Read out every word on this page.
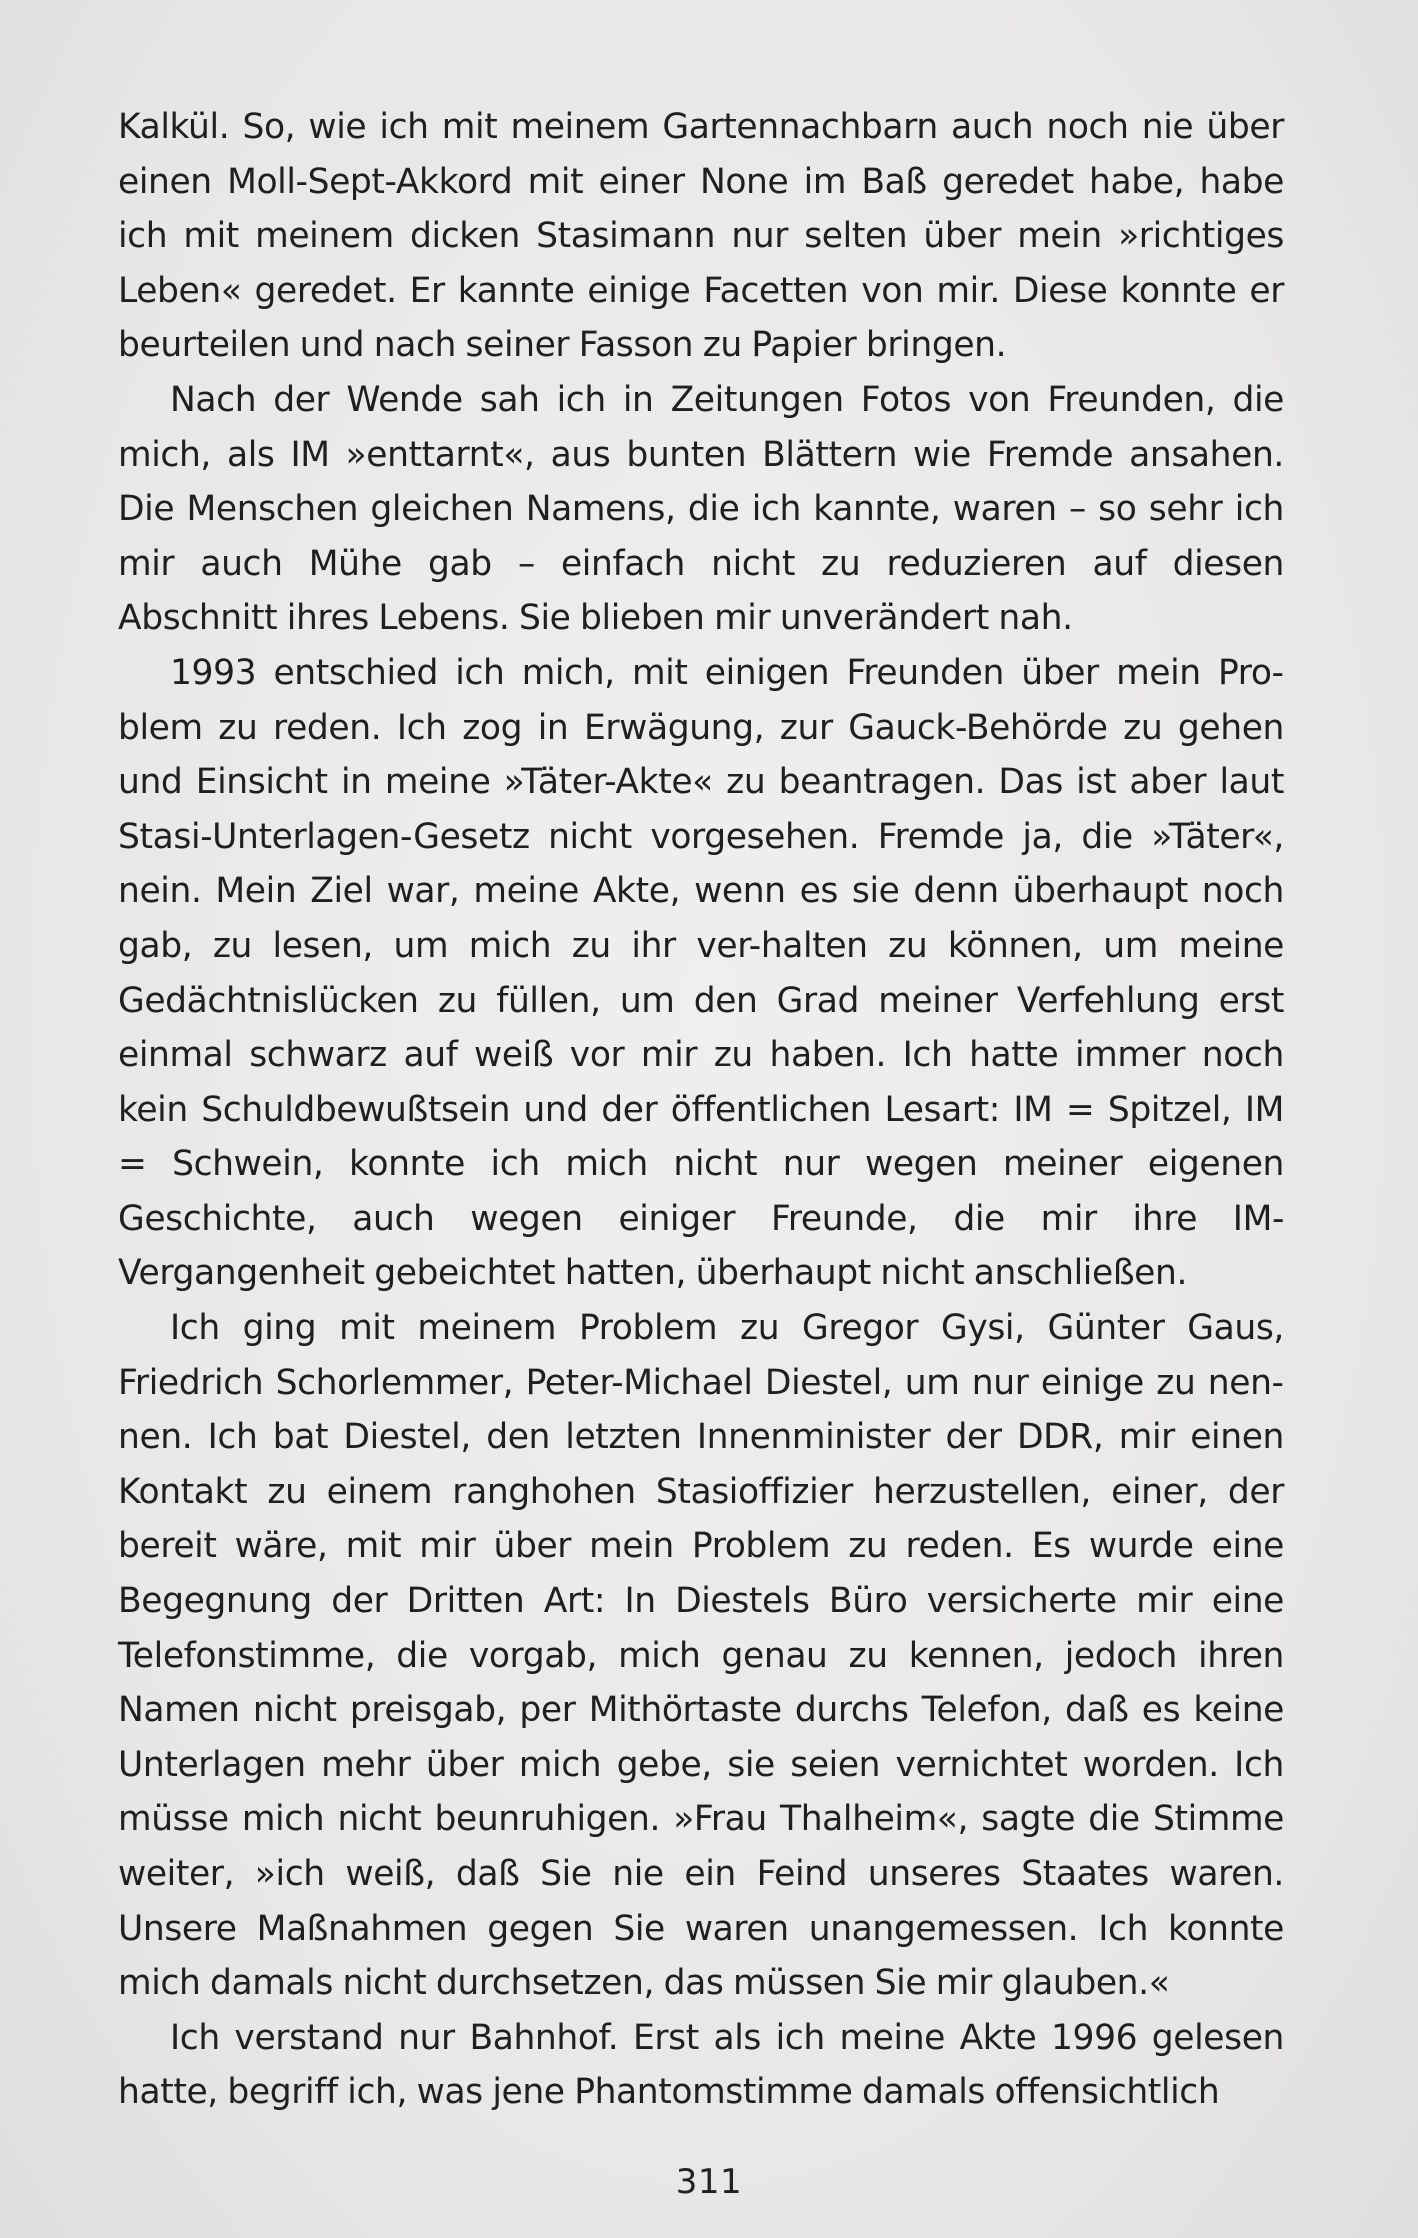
Kalkül. So, wie ich mit meinem Gartennachbarn auch noch nie über einen Moll-Sept-Akkord mit einer None im Baß geredet habe, habe ich mit meinem dicken Stasimann nur selten über mein »richtiges Leben« geredet. Er kannte einige Facetten von mir. Diese konnte er beurteilen und nach seiner Fasson zu Papier bringen.

Nach der Wende sah ich in Zeitungen Fotos von Freunden, die mich, als IM »enttarnt«, aus bunten Blättern wie Fremde ansahen. Die Menschen gleichen Namens, die ich kannte, waren – so sehr ich mir auch Mühe gab – einfach nicht zu reduzieren auf diesen Abschnitt ihres Lebens. Sie blieben mir unverändert nah.

1993 entschied ich mich, mit einigen Freunden über mein Problem zu reden. Ich zog in Erwägung, zur Gauck-Behörde zu gehen und Einsicht in meine »Täter-Akte« zu beantragen. Das ist aber laut Stasi-Unterlagen-Gesetz nicht vorgesehen. Fremde ja, die »Täter«, nein. Mein Ziel war, meine Akte, wenn es sie denn überhaupt noch gab, zu lesen, um mich zu ihr ver-halten zu können, um meine Gedächtnislücken zu füllen, um den Grad meiner Verfehlung erst einmal schwarz auf weiß vor mir zu haben. Ich hatte immer noch kein Schuldbewußtsein und der öffentlichen Lesart: IM = Spitzel, IM = Schwein, konnte ich mich nicht nur wegen meiner eigenen Geschichte, auch wegen einiger Freunde, die mir ihre IM-Vergangenheit gebeichtet hatten, überhaupt nicht anschließen.

Ich ging mit meinem Problem zu Gregor Gysi, Günter Gaus, Friedrich Schorlemmer, Peter-Michael Diestel, um nur einige zu nennen. Ich bat Diestel, den letzten Innenminister der DDR, mir einen Kontakt zu einem ranghohen Stasioffizier herzustellen, einer, der bereit wäre, mit mir über mein Problem zu reden. Es wurde eine Begegnung der Dritten Art: In Diestels Büro versicherte mir eine Telefonstimme, die vorgab, mich genau zu kennen, jedoch ihren Namen nicht preisgab, per Mithörtaste durchs Telefon, daß es keine Unterlagen mehr über mich gebe, sie seien vernichtet worden. Ich müsse mich nicht beunruhigen. »Frau Thalheim«, sagte die Stimme weiter, »ich weiß, daß Sie nie ein Feind unseres Staates waren. Unsere Maßnahmen gegen Sie waren unangemessen. Ich konnte mich damals nicht durchsetzen, das müssen Sie mir glauben.«

Ich verstand nur Bahnhof. Erst als ich meine Akte 1996 gelesen hatte, begriff ich, was jene Phantomstimme damals offensichtlich

311
